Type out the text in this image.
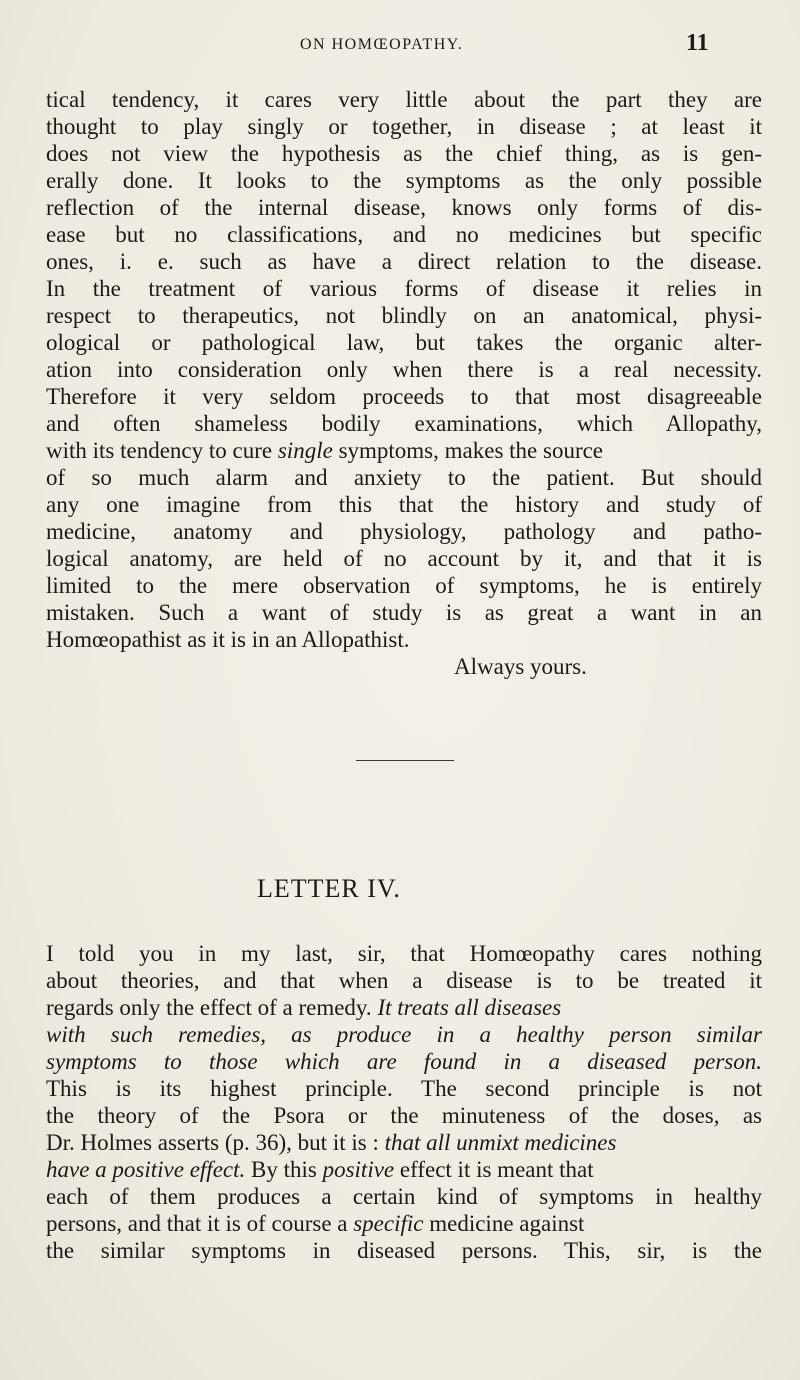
ON HOMŒOPATHY.	11
tical tendency, it cares very little about the part they are
thought to play singly or together, in disease ; at least it
does not view the hypothesis as the chief thing, as is gen-
erally done. It looks to the symptoms as the only possible
reflection of the internal disease, knows only forms of dis-
ease but no classifications, and no medicines but specific
ones, i. e. such as have a direct relation to the disease.
In the treatment of various forms of disease it relies in
respect to therapeutics, not blindly on an anatomical, physi-
ological or pathological law, but takes the organic alter-
ation into consideration only when there is a real necessity.
Therefore it very seldom proceeds to that most disagreeable
and often shameless bodily examinations, which Allopathy,
with its tendency to cure single symptoms, makes the source
of so much alarm and anxiety to the patient. But should
any one imagine from this that the history and study of
medicine, anatomy and physiology, pathology and patho-
logical anatomy, are held of no account by it, and that it is
limited to the mere observation of symptoms, he is entirely
mistaken. Such a want of study is as great a want in an
Homœopathist as it is in an Allopathist.
Always yours.
LETTER IV.
I told you in my last, sir, that Homœopathy cares nothing
about theories, and that when a disease is to be treated it
regards only the effect of a remedy. It treats all diseases
with such remedies, as produce in a healthy person similar
symptoms to those which are found in a diseased person.
This is its highest principle. The second principle is not
the theory of the Psora or the minuteness of the doses, as
Dr. Holmes asserts (p. 36), but it is : that all unmixt medicines
have a positive effect. By this positive effect it is meant that
each of them produces a certain kind of symptoms in healthy
persons, and that it is of course a specific medicine against
the similar symptoms in diseased persons. This, sir, is the
